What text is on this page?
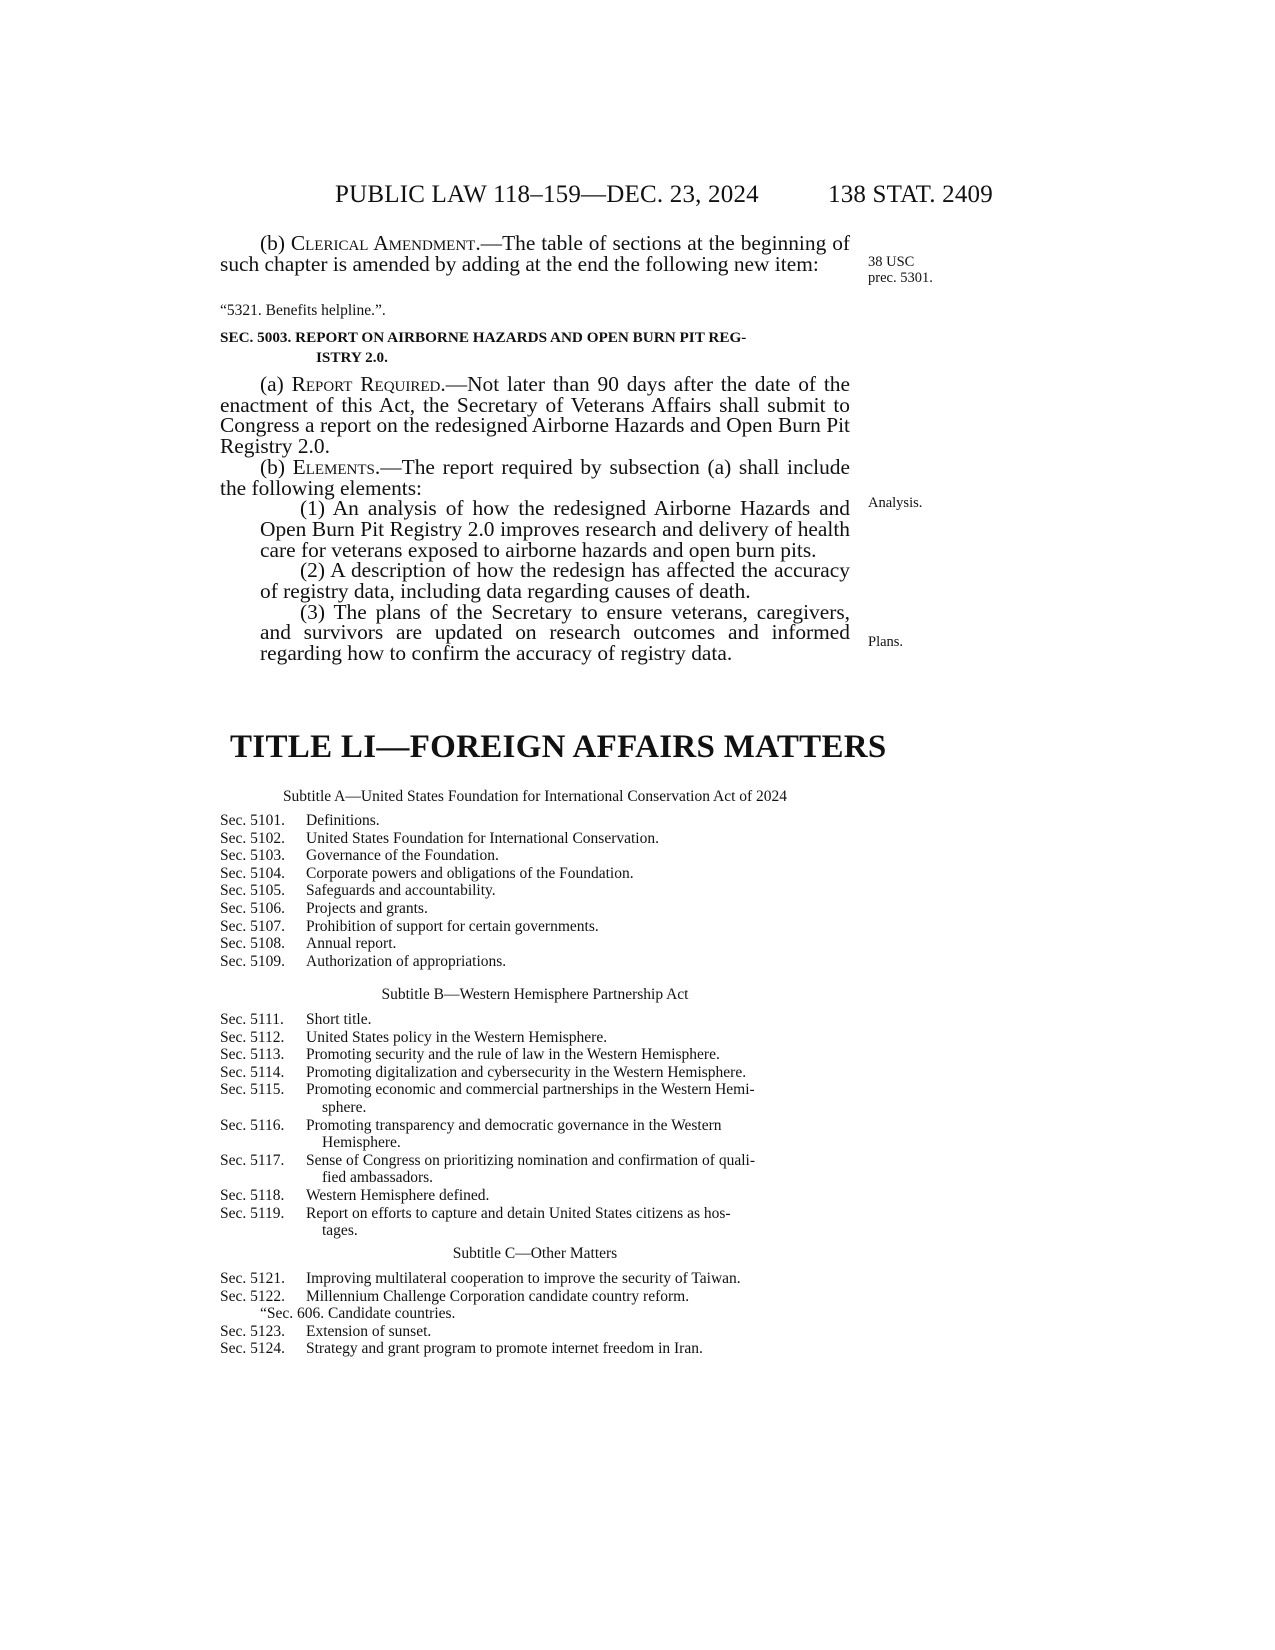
PUBLIC LAW 118–159—DEC. 23, 2024	138 STAT. 2409

(b) Clerical Amendment.—The table of sections at the beginning of such chapter is amended by adding at the end the following new item:	38 USC
prec. 5301.
“5321. Benefits helpline.”.
SEC. 5003. REPORT ON AIRBORNE HAZARDS AND OPEN BURN PIT REG-
ISTRY 2.0.

(a) Report Required.—Not later than 90 days after the date of the enactment of this Act, the Secretary of Veterans Affairs shall submit to Congress a report on the redesigned Airborne Hazards and Open Burn Pit Registry 2.0.

(b) Elements.—The report required by subsection (a) shall include the following elements:

(1) An analysis of how the redesigned Airborne Hazards and Open Burn Pit Registry 2.0 improves research and delivery of health care for veterans exposed to airborne hazards and open burn pits.

(2) A description of how the redesign has affected the accuracy of registry data, including data regarding causes of death.

(3) The plans of the Secretary to ensure veterans, caregivers, and survivors are updated on research outcomes and informed regarding how to confirm the accuracy of registry data.

Analysis.
Plans.
TITLE LI—FOREIGN AFFAIRS MATTERS
Subtitle A—United States Foundation for International Conservation Act of 2024
Sec. 5101.	Definitions.
Sec. 5102.	United States Foundation for International Conservation.
Sec. 5103.	Governance of the Foundation.
Sec. 5104.	Corporate powers and obligations of the Foundation.
Sec. 5105.	Safeguards and accountability.
Sec. 5106.	Projects and grants.
Sec. 5107.	Prohibition of support for certain governments.
Sec. 5108.	Annual report.
Sec. 5109.	Authorization of appropriations.
Subtitle B—Western Hemisphere Partnership Act
Sec. 5111.	Short title.
Sec. 5112.	United States policy in the Western Hemisphere.
Sec. 5113.	Promoting security and the rule of law in the Western Hemisphere.
Sec. 5114.	Promoting digitalization and cybersecurity in the Western Hemisphere.
Sec. 5115.	Promoting economic and commercial partnerships in the Western Hemi-
sphere.
Sec. 5116.	Promoting transparency and democratic governance in the Western
Hemisphere.
Sec. 5117.	Sense of Congress on prioritizing nomination and confirmation of quali-
fied ambassadors.
Sec. 5118.	Western Hemisphere defined.
Sec. 5119.	Report on efforts to capture and detain United States citizens as hos-
tages.
Subtitle C—Other Matters
Sec. 5121.	Improving multilateral cooperation to improve the security of Taiwan.
Sec. 5122.	Millennium Challenge Corporation candidate country reform.
“Sec. 606. Candidate countries.
Sec. 5123.	Extension of sunset.
Sec. 5124.	Strategy and grant program to promote internet freedom in Iran.
